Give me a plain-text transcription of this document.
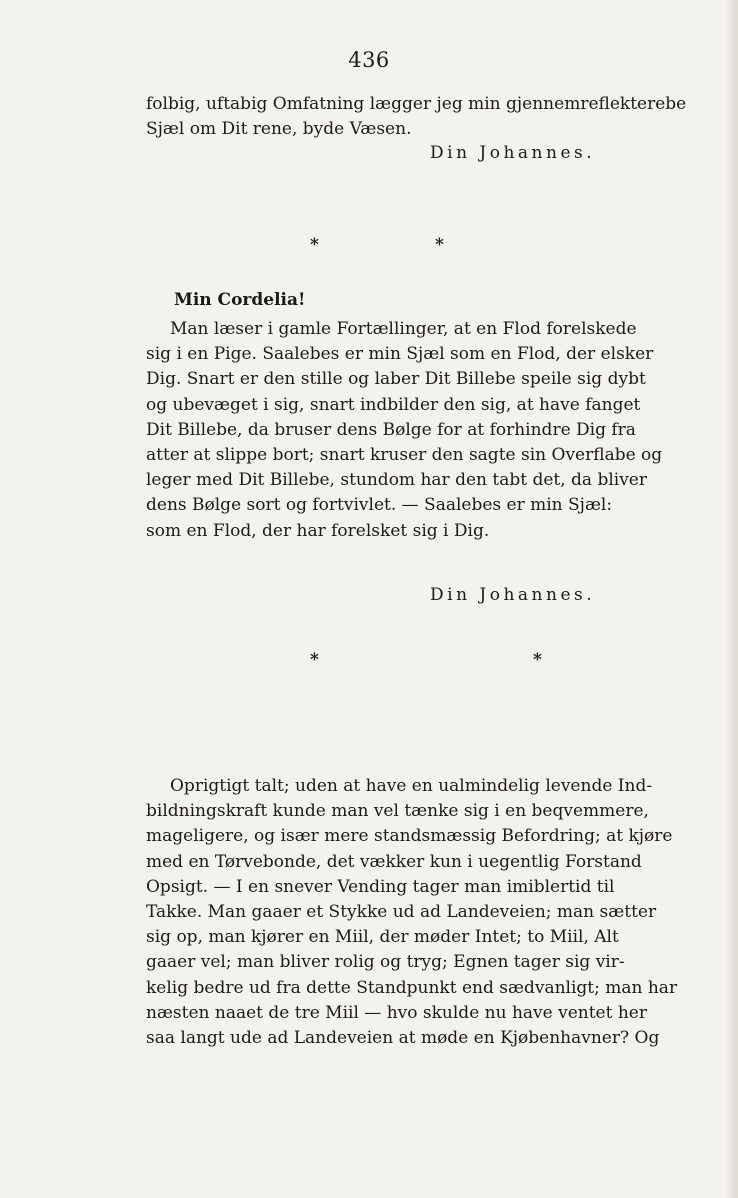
436
folbig, uftabig Omfatning lægger jeg min gjennemreflekterebe
Sjæl om Dit rene, byde Væsen.
Din Johannes.
*	*
Min Cordelia!
Man læser i gamle Fortællinger, at en Flod forelskede
sig i en Pige. Saalebes er min Sjæl som en Flod, der elsker
Dig. Snart er den stille og laber Dit Billebe speile sig dybt
og ubevæget i sig, snart indbilder den sig, at have fanget
Dit Billebe, da bruser dens Bølge for at forhindre Dig fra
atter at slippe bort; snart kruser den sagte sin Overflabe og
leger med Dit Billebe, stundom har den tabt det, da bliver
dens Bølge sort og fortvivlet. — Saalebes er min Sjæl:
som en Flod, der har forelsket sig i Dig.
Din Johannes.
*	*
Oprigtigt talt; uden at have en ualmindelig levende Ind-
bildningskraft kunde man vel tænke sig i en beqvemmere,
mageligere, og især mere standsmæssig Befordring; at kjøre
med en Tørvebonde, det vækker kun i uegentlig Forstand
Opsigt. — I en snever Vending tager man imiblertid til
Takke. Man gaaer et Stykke ud ad Landeveien; man sætter
sig op, man kjører en Miil, der møder Intet; to Miil, Alt
gaaer vel; man bliver rolig og tryg; Egnen tager sig vir-
kelig bedre ud fra dette Standpunkt end sædvanligt; man har
næsten naaet de tre Miil — hvo skulde nu have ventet her
saa langt ude ad Landeveien at møde en Kjøbenhavner? Og
